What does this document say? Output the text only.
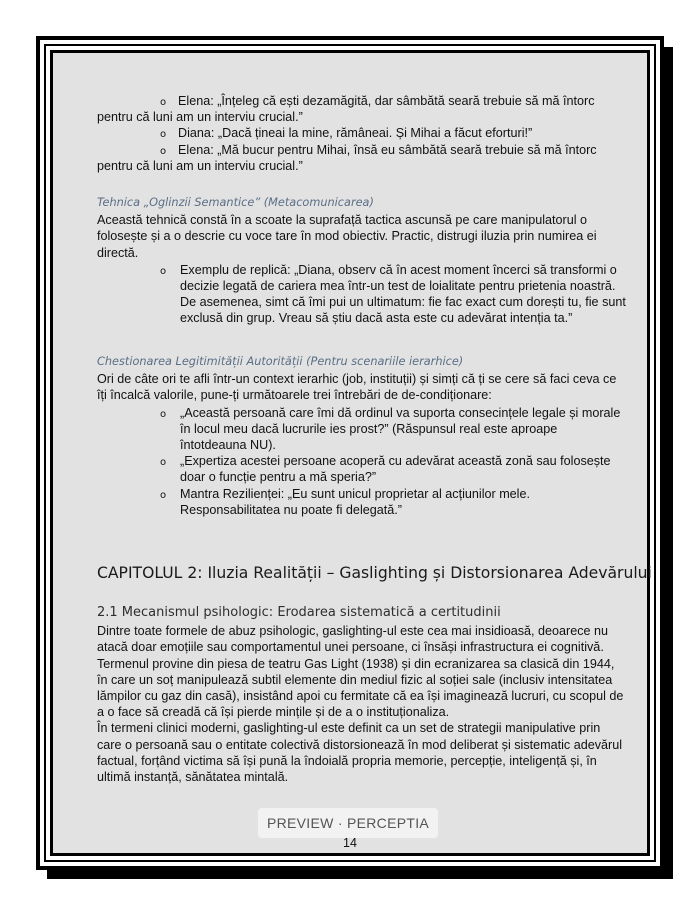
o Elena: „Înțeleg că ești dezamăgită, dar sâmbătă seară trebuie să mă întorc

pentru că luni am un interviu crucial.”

o Diana: „Dacă țineai la mine, rămâneai. Și Mihai a făcut eforturi!”

o Elena: „Mă bucur pentru Mihai, însă eu sâmbătă seară trebuie să mă întorc

pentru că luni am un interviu crucial.”

Tehnica „Oglinzii Semantice” (Metacomunicarea)

Această tehnică constă în a scoate la suprafață tactica ascunsă pe care manipulatorul o folosește și a o descrie cu voce tare în mod obiectiv. Practic, distrugi iluzia prin numirea ei directă.

o Exemplu de replică: „Diana, observ că în acest moment încerci să transformi o decizie legată de cariera mea într-un test de loialitate pentru prietenia noastră. De asemenea, simt că îmi pui un ultimatum: fie fac exact cum dorești tu, fie sunt exclusă din grup. Vreau să știu dacă asta este cu adevărat intenția ta.”

Chestionarea Legitimității Autorității (Pentru scenariile ierarhice)

Ori de câte ori te afli într-un context ierarhic (job, instituții) și simți că ți se cere să faci ceva ce îți încalcă valorile, pune-ți următoarele trei întrebări de de-condiționare:

o „Această persoană care îmi dă ordinul va suporta consecințele legale și morale în locul meu dacă lucrurile ies prost?” (Răspunsul real este aproape întotdeauna NU).

o „Expertiza acestei persoane acoperă cu adevărat această zonă sau folosește doar o funcție pentru a mă speria?”

o Mantra Rezilienței: „Eu sunt unicul proprietar al acțiunilor mele. Responsabilitatea nu poate fi delegată.”

CAPITOLUL 2: Iluzia Realității – Gaslighting și Distorsionarea Adevărului

2.1 Mecanismul psihologic: Erodarea sistematică a certitudinii

Dintre toate formele de abuz psihologic, gaslighting-ul este cea mai insidioasă, deoarece nu atacă doar emoțiile sau comportamentul unei persoane, ci însăși infrastructura ei cognitivă. Termenul provine din piesa de teatru Gas Light (1938) și din ecranizarea sa clasică din 1944, în care un soț manipulează subtil elemente din mediul fizic al soției sale (inclusiv intensitatea lămpilor cu gaz din casă), insistând apoi cu fermitate că ea își imaginează lucruri, cu scopul de a o face să creadă că își pierde mințile și de a o instituționaliza.

În termeni clinici moderni, gaslighting-ul este definit ca un set de strategii manipulative prin care o persoană sau o entitate colectivă distorsionează în mod deliberat și sistematic adevărul factual, forțând victima să își pună la îndoială propria memorie, percepție, inteligență și, în ultimă instanță, sănătatea mintală.

PREVIEW · PERCEPTIA
14
